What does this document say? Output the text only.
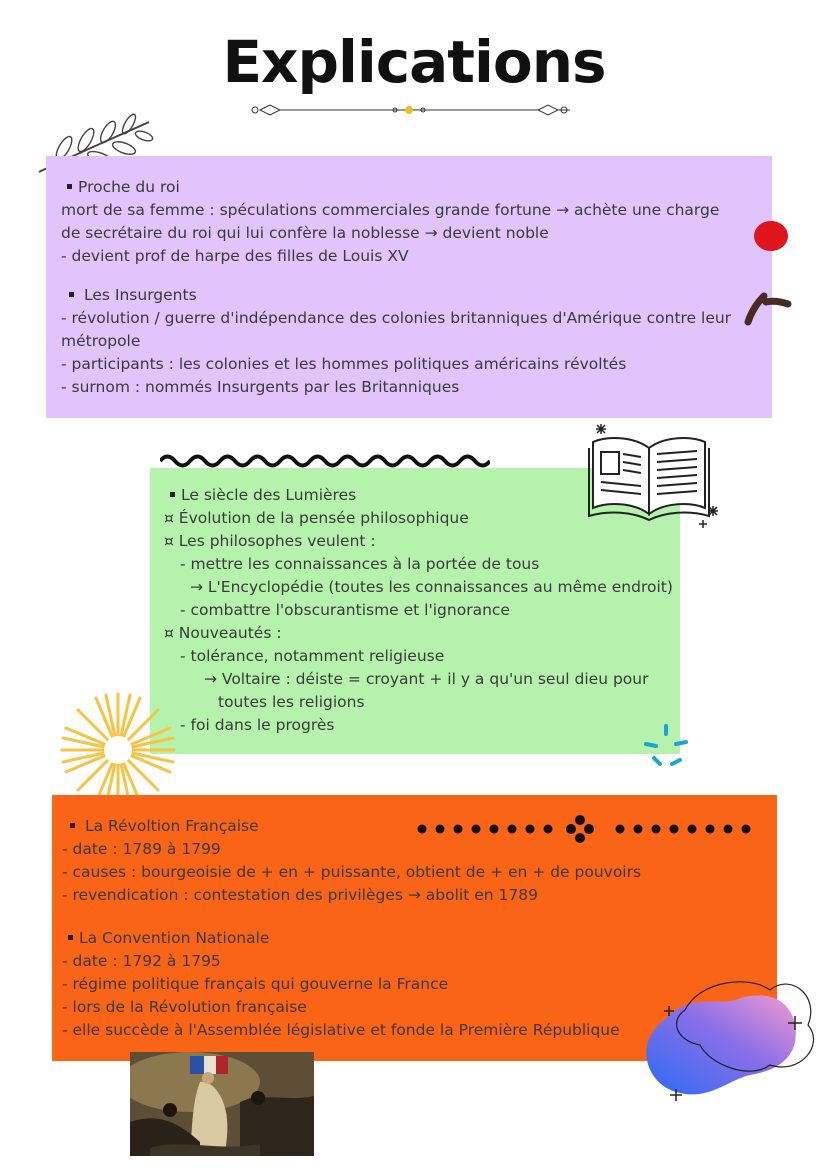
Explications
Proche du roi
mort de sa femme : spéculations commerciales grande fortune → achète une charge de secrétaire du roi qui lui confère la noblesse → devient noble
- devient prof de harpe des filles de Louis XV
Les Insurgents
- révolution / guerre d'indépendance des colonies britanniques d'Amérique contre leur métropole
- participants : les colonies et les hommes politiques américains révoltés
- surnom : nommés Insurgents par les Britanniques
Le siècle des Lumières
¤ Évolution de la pensée philosophique
¤ Les philosophes veulent :
- mettre les connaissances à la portée de tous
→ L'Encyclopédie (toutes les connaissances au même endroit)
- combattre l'obscurantisme et l'ignorance
¤ Nouveautés :
- tolérance, notamment religieuse
→ Voltaire : déiste = croyant + il y a qu'un seul dieu pour
toutes les religions
- foi dans le progrès
La Révoltion Française
- date : 1789 à 1799
- causes : bourgeoisie de + en + puissante, obtient de + en + de pouvoirs
- revendication : contestation des privilèges → abolit en 1789
La Convention Nationale
- date : 1792 à 1795
- régime politique français qui gouverne la France
- lors de la Révolution française
- elle succède à l'Assemblée législative et fonde la Première République
